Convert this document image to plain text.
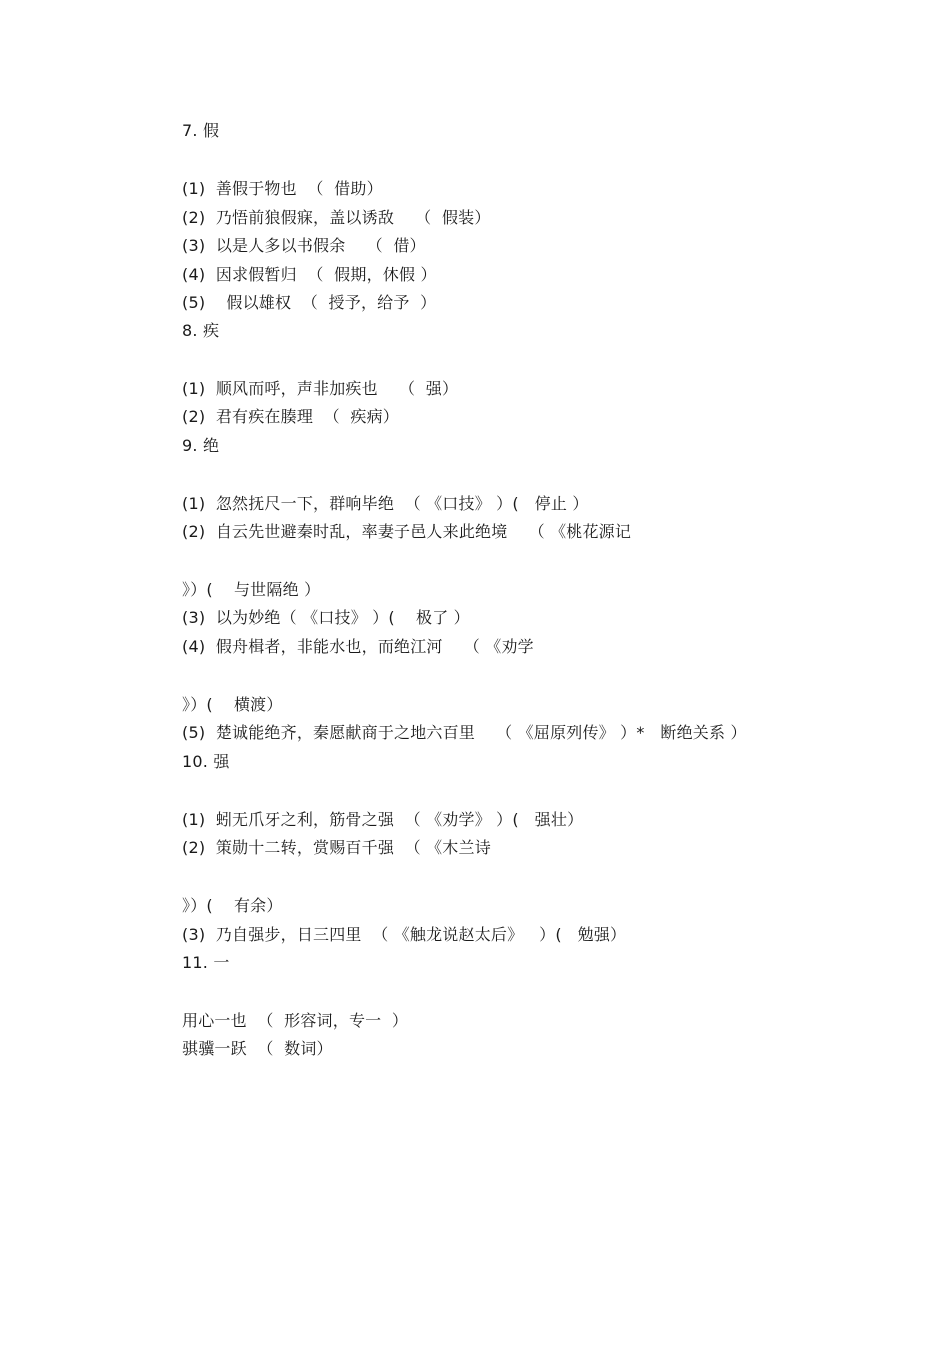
7. 假
(1)  善假于物也  （  借助）
(2)  乃悟前狼假寐，盖以诱敌    （  假装）
(3)  以是人多以书假余    （  借）
(4)  因求假暂归  （  假期，休假 ）
(5)    假以雄权  （  授予，给予  ）
8. 疾
(1)  顺风而呼，声非加疾也    （  强）
(2)  君有疾在腠理  （  疾病）
9. 绝
(1)  忽然抚尺一下，群响毕绝  （ 《口技》 ）(   停止 ）
(2)  自云先世避秦时乱，率妻子邑人来此绝境    （ 《桃花源记
》）(    与世隔绝 ）
(3)  以为妙绝（ 《口技》 ）(    极了 ）
(4)  假舟楫者，非能水也，而绝江河    （ 《劝学
》）(    横渡）
(5)  楚诚能绝齐，秦愿献商于之地六百里    （ 《屈原列传》 ）*   断绝关系 ）
10. 强
(1)  蚓无爪牙之利，筋骨之强  （ 《劝学》 ）(   强壮）
(2)  策勋十二转，赏赐百千强  （ 《木兰诗
》）(    有余）
(3)  乃自强步，日三四里  （ 《触龙说赵太后》   ）(   勉强）
11. 一
用心一也  （  形容词，专一  ）
骐骥一跃  （  数词）
